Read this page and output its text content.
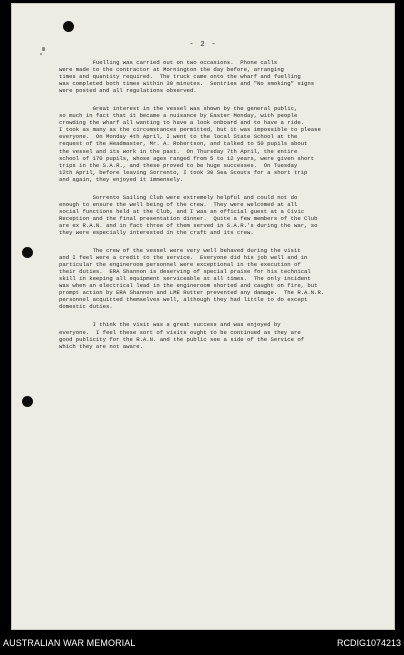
- 2 -
Fuelling was carried out on two occasions.  Phone calls
were made to the contractor at Mornington the day before, arranging
times and quantity required.  The truck came onto the wharf and fuelling
was completed both times within 30 minutes.  Sentries and "No smoking" signs
were posted and all regulations observed.
Great interest in the vessel was shown by the general public,
so much in fact that it became a nuisance by Easter Monday, with people
crowding the wharf all wanting to have a look onboard and to have a ride.
I took as many as the circumstances permitted, but it was impossible to please
everyone.  On Monday 4th April, I went to the local State School at the
request of the Headmaster, Mr. A. Robertson, and talked to 50 pupils about
the vessel and its work in the past.  On Thursday 7th April, the entire
school of 170 pupils, whose ages ranged from 5 to 12 years, were given short
trips in the S.A.R., and these proved to be huge successes.  On Tuesday
12th April, before leaving Sorrento, I took 30 Sea Scouts for a short trip
and again, they enjoyed it immensely.
Sorrento Sailing Club were extremely helpful and could not do
enough to ensure the well being of the crew.  They were welcomed at all
social functions held at the Club, and I was an official guest at a Civic
Reception and the final presentation dinner.  Quite a few members of the Club
are ex R.A.N. and in fact three of them served in S.A.R.'s during the war, so
they were especially interested in the craft and its crew.
The crew of the vessel were very well behaved during the visit
and I feel were a credit to the service.  Everyone did his job well and in
particular the engineroom personnel were exceptional in the execution of
their duties.  ERA Shannon is deserving of special praise for his technical
skill in keeping all equipment serviceable at all times.  The only incident
was when an electrical lead in the engineroom shorted and caught on fire, but
prompt action by ERA Shannon and LME Rutter prevented any damage.  The R.A.N.R.
personnel acquitted themselves well, although they had little to do except
domestic duties.
I think the visit was a great success and was enjoyed by
everyone.  I feel these sort of visits ought to be continued as they are
good publicity for the R.A.N. and the public see a side of the Service of
which they are not aware.
AUSTRALIAN WAR MEMORIAL	RCDIG1074213
